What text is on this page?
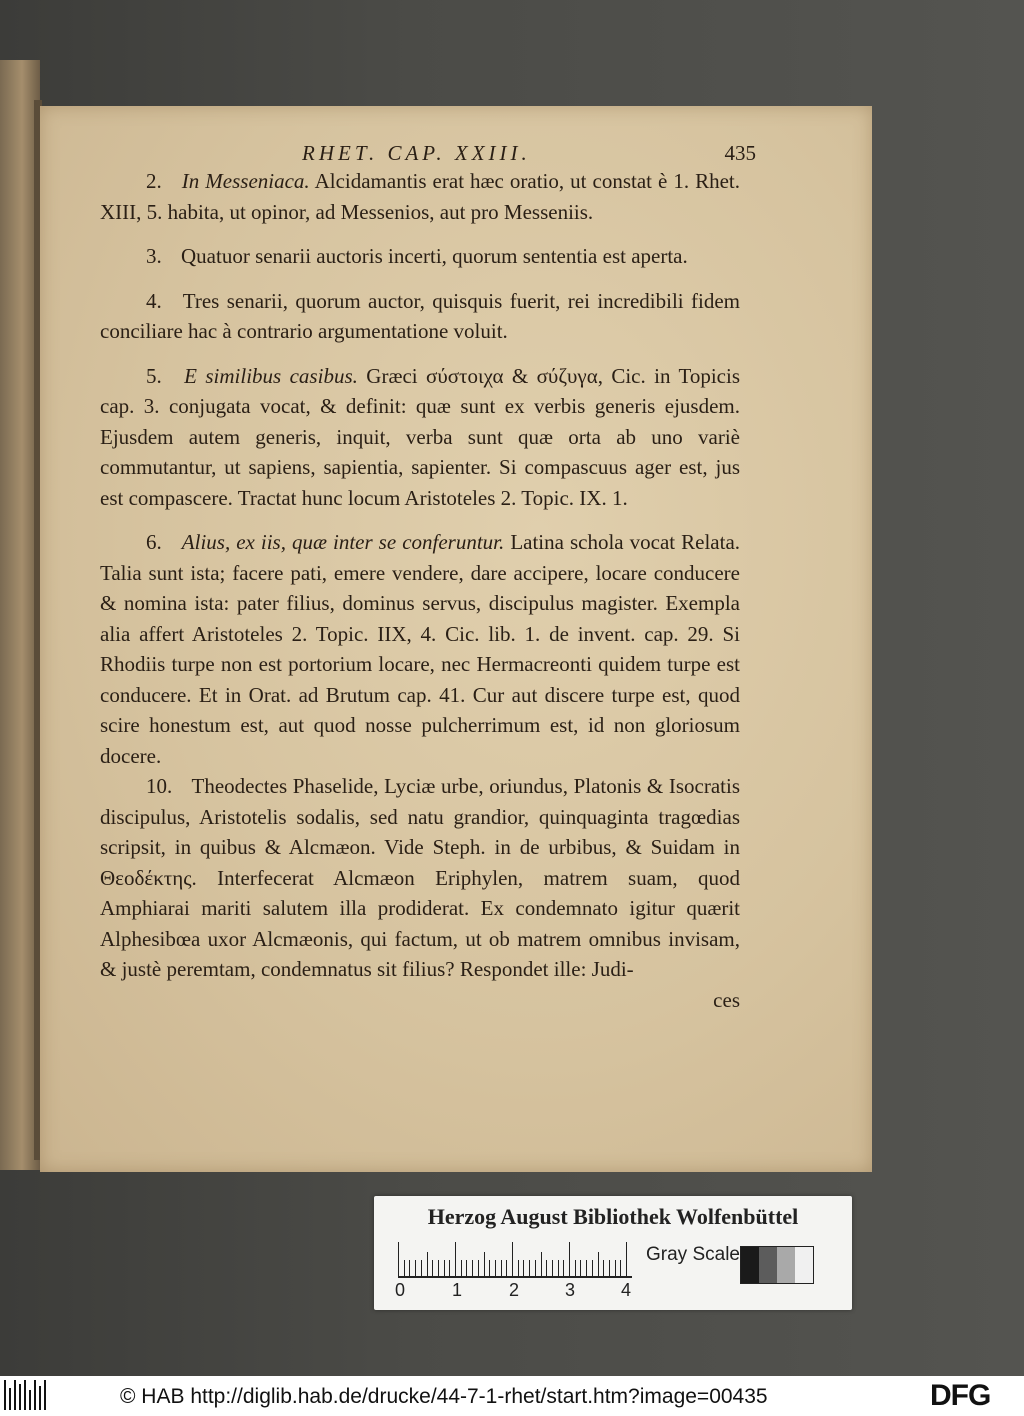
RHET. CAP. XXIII.	435

2. In Messeniaca. Alcidamantis erat hæc oratio, ut constat è 1. Rhet. XIII, 5. habita, ut opinor, ad Messenios, aut pro Messeniis.

3. Quatuor senarii auctoris incerti, quorum sententia est aperta.

4. Tres senarii, quorum auctor, quisquis fuerit, rei incredibili fidem conciliare hac à contrario argumentatione voluit.

5. E similibus casibus. Græci σύστοιχα & σύζυγα, Cic. in Topicis cap. 3. conjugata vocat, & definit: quæ sunt ex verbis generis ejusdem. Ejusdem autem generis, inquit, verba sunt quæ orta ab uno variè commutantur, ut sapiens, sapientia, sapienter. Si compascuus ager est, jus est compascere. Tractat hunc locum Aristoteles 2. Topic. IX. 1.

6. Alius, ex iis, quæ inter se conferuntur. Latina schola vocat Relata. Talia sunt ista; facere pati, emere vendere, dare accipere, locare conducere & nomina ista: pater filius, dominus servus, discipulus magister. Exempla alia affert Aristoteles 2. Topic. IIX, 4. Cic. lib. 1. de invent. cap. 29. Si Rhodiis turpe non est portorium locare, nec Hermacreonti quidem turpe est conducere. Et in Orat. ad Brutum cap. 41. Cur aut discere turpe est, quod scire honestum est, aut quod nosse pulcherrimum est, id non gloriosum docere.

10. Theodectes Phaselide, Lyciæ urbe, oriundus, Platonis & Isocratis discipulus, Aristotelis sodalis, sed natu grandior, quinquaginta tragœdias scripsit, in quibus & Alcmæon. Vide Steph. in de urbibus, & Suidam in Θεοδέκτης. Interfecerat Alcmæon Eriphylen, matrem suam, quod Amphiarai mariti salutem illa prodiderat. Ex condemnato igitur quærit Alphesibœa uxor Alcmæonis, qui factum, ut ob matrem omnibus invisam, & justè peremtam, condemnatus sit filius? Respondet ille: Judi-

ces

Herzog August Bibliothek Wolfenbüttel
Gray Scale
0	1	2	3	4
© HAB http://diglib.hab.de/drucke/44-7-1-rhet/start.htm?image=00435	DFG
